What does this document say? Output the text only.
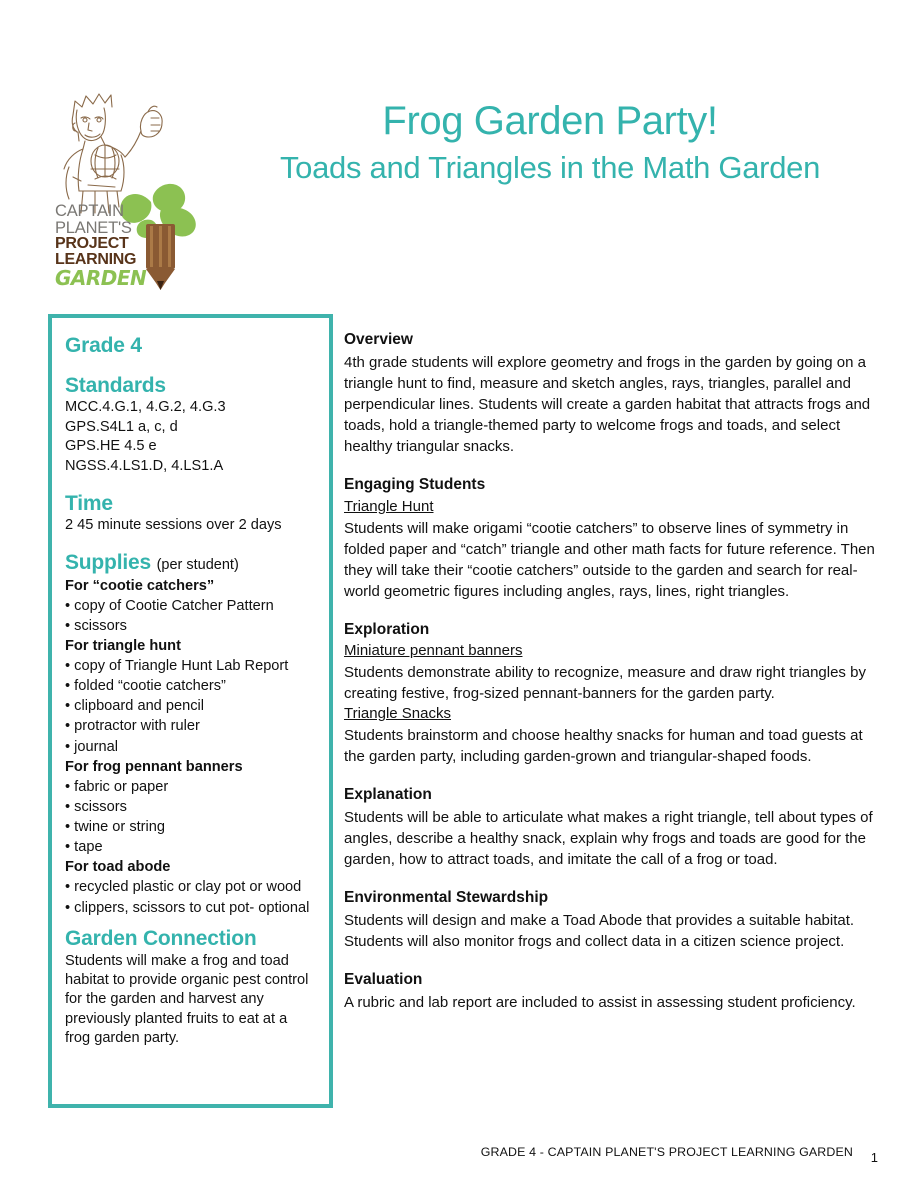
CAPTAIN
PLANET'S
PROJECT
LEARNING
GARDEN
Frog Garden Party!
Toads and Triangles in the Math Garden
Grade 4
Standards
MCC.4.G.1, 4.G.2, 4.G.3
GPS.S4L1 a, c, d
GPS.HE 4.5 e
NGSS.4.LS1.D, 4.LS1.A
Time
2 45 minute sessions over 2 days
Supplies (per student)
For “cootie catchers”
• copy of Cootie Catcher Pattern
• scissors
For triangle hunt
• copy of Triangle Hunt Lab Report
• folded “cootie catchers”
• clipboard and pencil
• protractor with ruler
• journal
For frog pennant banners
• fabric or paper
• scissors
• twine or string
• tape
For toad abode
• recycled plastic or clay pot or wood
• clippers, scissors to cut pot- optional
Garden Connection
Students will make a frog and toad habitat to provide organic pest control for the garden and harvest any previously planted fruits to eat at a frog garden party.
Overview
4th grade students will explore geometry and frogs in the garden by going on a triangle hunt to find, measure and sketch angles, rays, triangles, parallel and perpendicular lines. Students will create a garden habitat that attracts frogs and toads, hold a triangle-themed party to welcome frogs and toads, and select healthy triangular snacks.
Engaging Students
Triangle Hunt
Students will make origami “cootie catchers” to observe lines of symmetry in folded paper and “catch” triangle and other math facts for future reference. Then they will take their “cootie catchers” outside to the garden and search for real-world geometric figures including angles, rays, lines, right triangles.
Exploration
Miniature pennant banners
Students demonstrate ability to recognize, measure and draw right triangles by creating festive, frog-sized pennant-banners for the garden party.
Triangle Snacks
Students brainstorm and choose healthy snacks for human and toad guests at the garden party, including garden-grown and triangular-shaped foods.
Explanation
Students will be able to articulate what makes a right triangle, tell about types of angles, describe a healthy snack, explain why frogs and toads are good for the garden, how to attract toads, and imitate the call of a frog or toad.
Environmental Stewardship
Students will design and make a Toad Abode that provides a suitable habitat. Students will also monitor frogs and collect data in a citizen science project.
Evaluation
A rubric and lab report are included to assist in assessing student proficiency.
GRADE 4 - CAPTAIN PLANET'S PROJECT LEARNING GARDEN 1
